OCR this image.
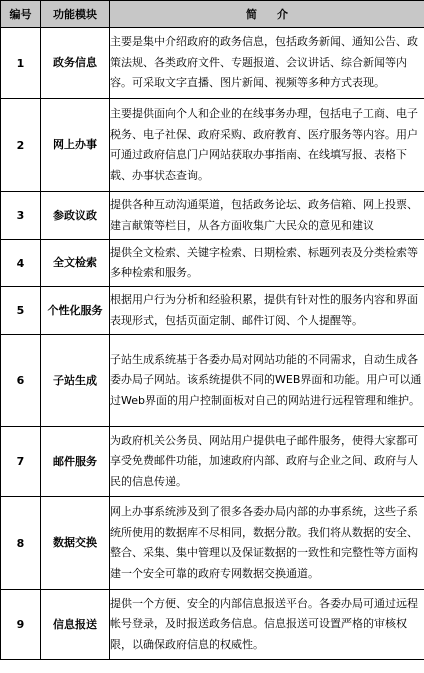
编号	功能模块	简介
1	政务信息	主要是集中介绍政府的政务信息，包括政务新闻、通知公告、政策法规、各类政府文件、专题报道、会议讲话、综合新闻等内容。可采取文字直播、图片新闻、视频等多种方式表现。
2	网上办事	主要提供面向个人和企业的在线事务办理，包括电子工商、电子税务、电子社保、政府采购、政府教育、医疗服务等内容。用户可通过政府信息门户网站获取办事指南、在线填写报、表格下载、办事状态查询。
3	参政议政	提供各种互动沟通渠道，包括政务论坛、政务信箱、网上投票、建言献策等栏目，从各方面收集广大民众的意见和建议
4	全文检索	提供全文检索、关键字检索、日期检索、标题列表及分类检索等多种检索和服务。
5	个性化服务	根据用户行为分析和经验积累，提供有针对性的服务内容和界面表现形式，包括页面定制、邮件订阅、个人提醒等。
6	子站生成	子站生成系统基于各委办局对网站功能的不同需求，自动生成各委办局子网站。该系统提供不同的WEB界面和功能。用户可以通过Web界面的用户控制面板对自己的网站进行远程管理和维护。
7	邮件服务	为政府机关公务员、网站用户提供电子邮件服务，使得大家都可享受免费邮件功能，加速政府内部、政府与企业之间、政府与人民的信息传递。
8	数据交换	网上办事系统涉及到了很多各委办局内部的办事系统，这些子系统所使用的数据库不尽相同，数据分散。我们将从数据的安全、整合、采集、集中管理以及保证数据的一致性和完整性等方面构建一个安全可靠的政府专网数据交换通道。
9	信息报送	提供一个方便、安全的内部信息报送平台。各委办局可通过远程帐号登录，及时报送政务信息。信息报送可设置严格的审核权限，以确保政府信息的权威性。
